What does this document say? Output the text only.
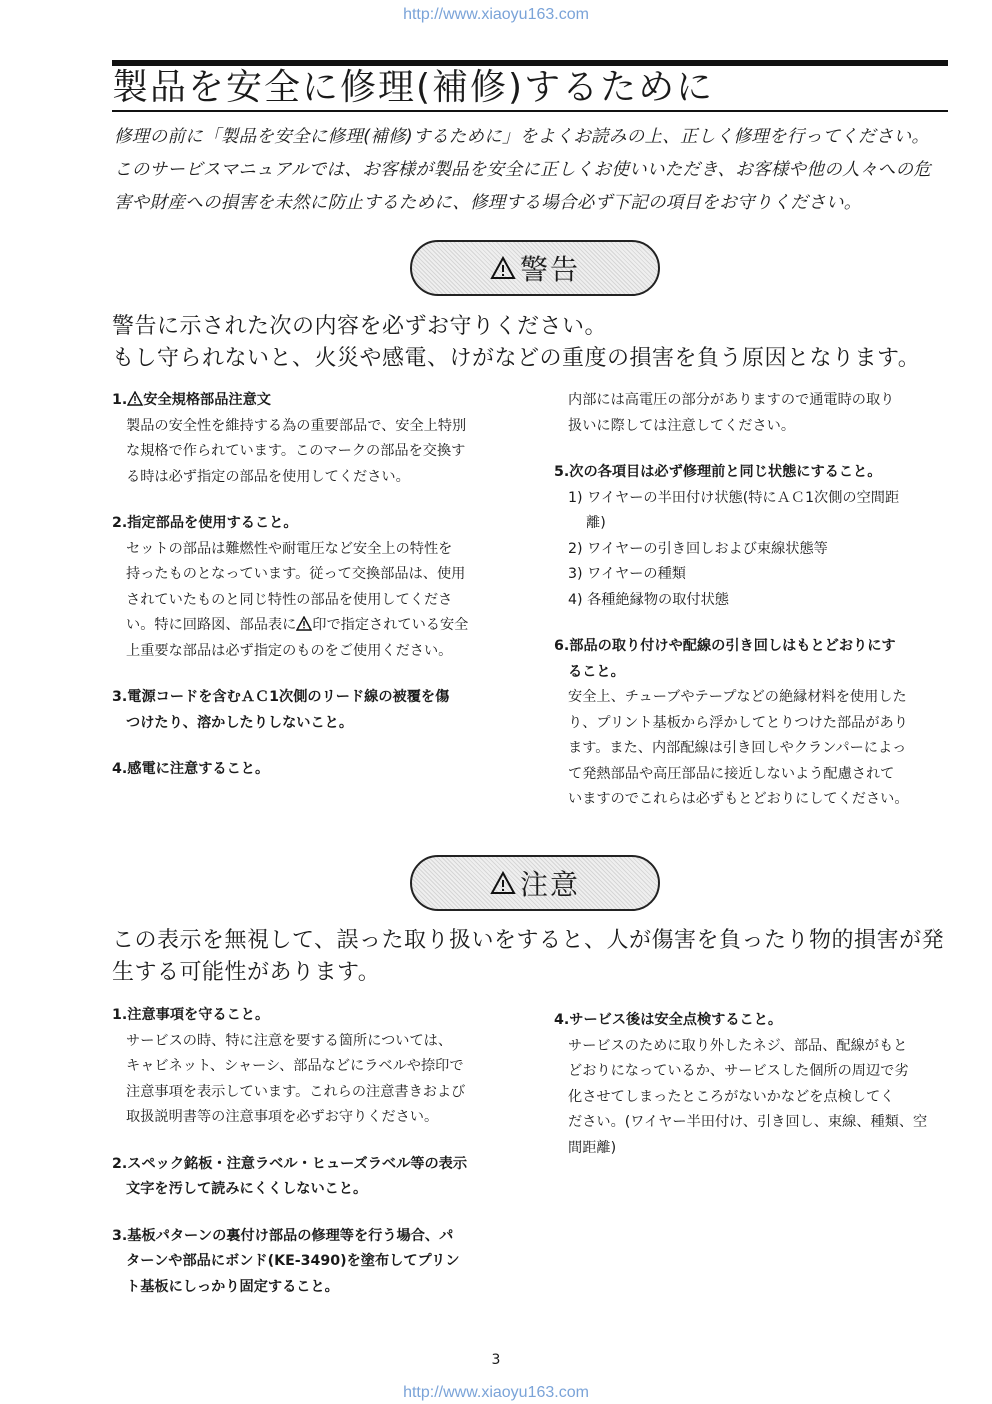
http://www.xiaoyu163.com
製品を安全に修理(補修)するために

修理の前に「製品を安全に修理(補修)するために」をよくお読みの上、正しく修理を行ってください。

このサービスマニュアルでは、お客様が製品を安全に正しくお使いいただき、お客様や他の人々への危

害や財産への損害を未然に防止するために、修理する場合必ず下記の項目をお守りください。

警告

警告に示された次の内容を必ずお守りください。

もし守られないと、火災や感電、けがなどの重度の損害を負う原因となります。

1. 安全規格部品注意文
製品の安全性を維持する為の重要部品で、安全上特別
な規格で作られています。このマークの部品を交換す
る時は必ず指定の部品を使用してください。
2.指定部品を使用すること。
セットの部品は難燃性や耐電圧など安全上の特性を
持ったものとなっています。従って交換部品は、使用
されていたものと同じ特性の部品を使用してくださ
い。特に回路図、部品表に 印で指定されている安全
上重要な部品は必ず指定のものをご使用ください。
3.電源コードを含むＡＣ1次側のリード線の被覆を傷
つけたり、溶かしたりしないこと。
4.感電に注意すること。
内部には高電圧の部分がありますので通電時の取り
扱いに際しては注意してください。
5.次の各項目は必ず修理前と同じ状態にすること。
1) ワイヤーの半田付け状態(特にＡＣ1次側の空間距
離)
2) ワイヤーの引き回しおよび束線状態等
3) ワイヤーの種類
4) 各種絶縁物の取付状態
6.部品の取り付けや配線の引き回しはもとどおりにす
ること。
安全上、チューブやテープなどの絶縁材料を使用した
り、プリント基板から浮かしてとりつけた部品があり
ます。また、内部配線は引き回しやクランパーによっ
て発熱部品や高圧部品に接近しないよう配慮されて
いますのでこれらは必ずもとどおりにしてください。
注意

この表示を無視して、誤った取り扱いをすると、人が傷害を負ったり物的損害が発

生する可能性があります。

1.注意事項を守ること。
サービスの時、特に注意を要する箇所については、
キャビネット、シャーシ、部品などにラベルや捺印で
注意事項を表示しています。これらの注意書きおよび
取扱説明書等の注意事項を必ずお守りください。
2.スペック銘板・注意ラベル・ヒューズラベル等の表示
文字を汚して読みにくくしないこと。
3.基板パターンの裏付け部品の修理等を行う場合、パ
ターンや部品にボンド(KE-3490)を塗布してプリン
ト基板にしっかり固定すること。
4.サービス後は安全点検すること。
サービスのために取り外したネジ、部品、配線がもと
どおりになっているか、サービスした個所の周辺で劣
化させてしまったところがないかなどを点検してく
ださい。(ワイヤー半田付け、引き回し、束線、種類、空
間距離)
3
http://www.xiaoyu163.com
